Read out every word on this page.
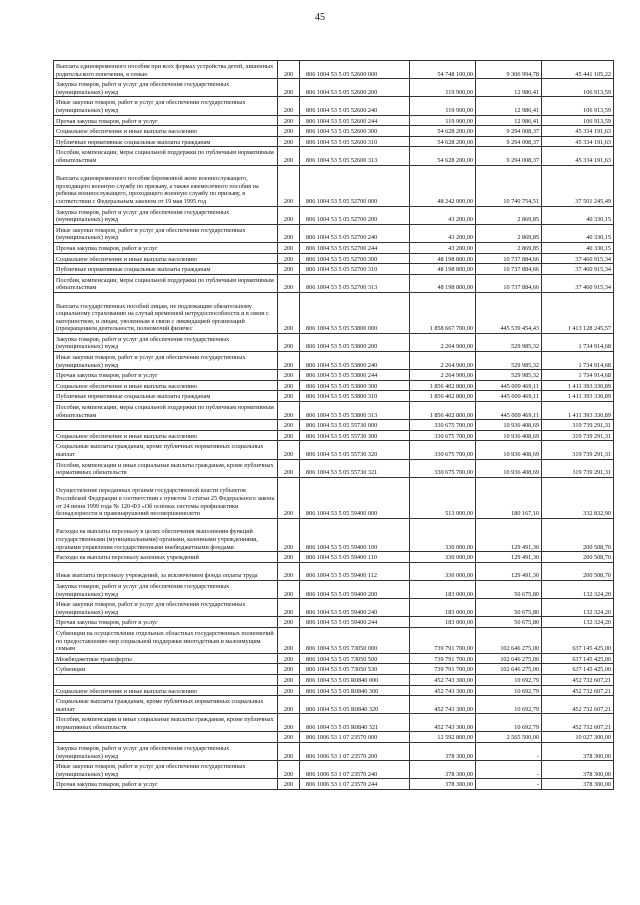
45
Выплата единовременного пособия при всех формах устройства детей, лишенных родительского попечения, в семью	200	806 1004 53 5 05 52600 000	54 748 100,00	9 306 994,78	45 441 105,22
Закупка товаров, работ и услуг для обеспечения государственных (муниципальных) нужд	200	806 1004 53 5 05 52600 200	119 900,00	12 986,41	106 913,59
Иные закупки товаров, работ и услуг для обеспечения государственных (муниципальных) нужд	200	806 1004 53 5 05 52600 240	119 900,00	12 986,41	106 913,59
Прочая закупка товаров, работ и услуг	200	806 1004 53 5 05 52600 244	119 900,00	12 986,41	106 913,59
Социальное обеспечение и иные выплаты населению	200	806 1004 53 5 05 52600 300	54 628 200,00	9 294 008,37	45 334 191,63
Публичные нормативные социальные выплаты гражданам	200	806 1004 53 5 05 52600 310	54 628 200,00	9 294 008,37	45 334 191,63
Пособия, компенсации, меры социальной поддержки по публичным нормативным обязательствам	200	806 1004 53 5 05 52600 313	54 628 200,00	9 294 008,37	45 334 191,63
Выплата единовременного пособия беременной жене военнослужащего, проходящего военную службу по призыву, а также ежемесячного пособия на ребенка военнослужащего, проходящего военную службу по призыву, в соответствии с Федеральным законом от 19 мая 1995 год	200	806 1004 53 5 05 52700 000	48 242 000,00	10 740 754,51	37 501 245,49
Закупка товаров, работ и услуг для обеспечения государственных (муниципальных) нужд	200	806 1004 53 5 05 52700 200	43 200,00	2 869,85	40 330,15
Иные закупки товаров, работ и услуг для обеспечения государственных (муниципальных) нужд	200	806 1004 53 5 05 52700 240	43 200,00	2 869,85	40 330,15
Прочая закупка товаров, работ и услуг	200	806 1004 53 5 05 52700 244	43 200,00	2 869,85	40 330,15
Социальное обеспечение и иные выплаты населению	200	806 1004 53 5 05 52700 300	48 198 800,00	10 737 884,66	37 460 915,34
Публичные нормативные социальные выплаты гражданам	200	806 1004 53 5 05 52700 310	48 198 800,00	10 737 884,66	37 460 915,34
Пособия, компенсации, меры социальной поддержки по публичным нормативным обязательствам	200	806 1004 53 5 05 52700 313	48 198 800,00	10 737 884,66	37 460 915,34
Выплата государственных пособий лицам, не подлежащим обязательному социальному страхованию на случай временной нетрудоспособности и в связи с материнством, и лицам, уволенным в связи с ликвидацией организаций (прекращением деятельности, полномочий физичес	200	806 1004 53 5 05 53800 000	1 858 667 700,00	445 539 454,43	1 413 128 245,57
Закупка товаров, работ и услуг для обеспечения государственных (муниципальных) нужд	200	806 1004 53 5 05 53800 200	2 264 900,00	529 985,32	1 734 914,68
Иные закупки товаров, работ и услуг для обеспечения государственных (муниципальных) нужд	200	806 1004 53 5 05 53800 240	2 264 900,00	529 985,32	1 734 914,68
Прочая закупка товаров, работ и услуг	200	806 1004 53 5 05 53800 244	2 264 900,00	529 985,32	1 734 914,68
Социальное обеспечение и иные выплаты населению	200	806 1004 53 5 05 53800 300	1 856 402 800,00	445 009 469,11	1 411 393 330,89
Публичные нормативные социальные выплаты гражданам	200	806 1004 53 5 05 53800 310	1 856 402 800,00	445 009 469,11	1 411 393 330,89
Пособия, компенсации, меры социальной поддержки по публичным нормативным обязательствам	200	806 1004 53 5 05 53800 313	1 856 402 800,00	445 009 469,11	1 411 393 330,89
	200	806 1004 53 5 05 55730 000	330 675 700,00	10 936 408,69	319 739 291,31
Социальное обеспечение и иные выплаты населению	200	806 1004 53 5 05 55730 300	330 675 700,00	10 936 408,69	319 739 291,31
Социальные выплаты гражданам, кроме публичных нормативных социальных выплат	200	806 1004 53 5 05 55730 320	330 675 700,00	10 936 408,69	319 739 291,31
Пособия, компенсации и иные социальные выплаты гражданам, кроме публичных нормативных обязательств	200	806 1004 53 5 05 55730 321	330 675 700,00	10 936 408,69	319 739 291,31
Осуществление переданных органам государственной власти субъектов Российской Федерации в соответствии с пунктом 3 статьи 25 Федерального закона от 24 июня 1999 года № 120-ФЗ «Об основах системы профилактики безнадзорности и правонарушений несовершеннолетн	200	806 1004 53 5 05 59400 000	513 000,00	180 167,10	332 832,90
Расходы на выплаты персоналу в целях обеспечения выполнения функций государственными (муниципальными) органами, казенными учреждениями, органами управления государственными внебюджетными фондами	200	806 1004 53 5 05 59400 100	330 000,00	129 491,30	200 508,70
Расходы на выплаты персоналу казенных учреждений	200	806 1004 53 5 05 59400 110	330 000,00	129 491,30	200 508,70
Иные выплаты персоналу учреждений, за исключением фонда оплаты труда	200	806 1004 53 5 05 59400 112	330 000,00	129 491,30	200 508,70
Закупка товаров, работ и услуг для обеспечения государственных (муниципальных) нужд	200	806 1004 53 5 05 59400 200	183 000,00	50 675,80	132 324,20
Иные закупки товаров, работ и услуг для обеспечения государственных (муниципальных) нужд	200	806 1004 53 5 05 59400 240	183 000,00	50 675,80	132 324,20
Прочая закупка товаров, работ и услуг	200	806 1004 53 5 05 59400 244	183 000,00	50 675,80	132 324,20
Субвенции на осуществление отдельных областных государственных полномочий по предоставлению мер социальной поддержки многодетным и малоимущим семьям	200	806 1004 53 5 05 73050 000	739 791 700,00	102 646 275,00	637 145 425,00
Межбюджетные трансферты	200	806 1004 53 5 05 73050 500	739 791 700,00	102 646 275,00	637 145 425,00
Субвенции	200	806 1004 53 5 05 73050 530	739 791 700,00	102 646 275,00	637 145 425,00
	200	806 1004 53 5 05 R0840 000	452 743 300,00	10 692,79	452 732 607,21
Социальное обеспечение и иные выплаты населению	200	806 1004 53 5 05 R0840 300	452 743 300,00	10 692,79	452 732 607,21
Социальные выплаты гражданам, кроме публичных нормативных социальных выплат	200	806 1004 53 5 05 R0840 320	452 743 300,00	10 692,79	452 732 607,21
Пособия, компенсации и иные социальные выплаты гражданам, кроме публичных нормативных обязательств	200	806 1004 53 5 05 R0840 321	452 743 300,00	10 692,79	452 732 607,21
	200	806 1006 53 1 07 23570 000	12 592 800,00	2 565 500,00	10 027 300,00
Закупка товаров, работ и услуг для обеспечения государственных (муниципальных) нужд	200	806 1006 53 1 07 23570 200	378 300,00	-	378 300,00
Иные закупки товаров, работ и услуг для обеспечения государственных (муниципальных) нужд	200	806 1006 53 1 07 23570 240	378 300,00	-	378 300,00
Прочая закупка товаров, работ и услуг	200	806 1006 53 1 07 23570 244	378 300,00	-	378 300,00
